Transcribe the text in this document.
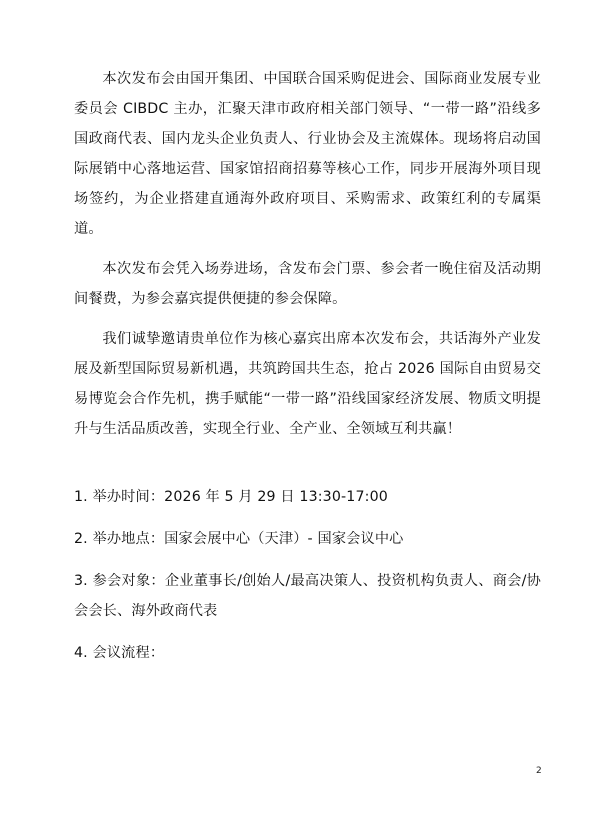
本次发布会由国开集团、中国联合国采购促进会、国际商业发展专业委员会 CIBDC 主办，汇聚天津市政府相关部门领导、“一带一路”沿线多国政商代表、国内龙头企业负责人、行业协会及主流媒体。现场将启动国际展销中心落地运营、国家馆招商招募等核心工作，同步开展海外项目现场签约，为企业搭建直通海外政府项目、采购需求、政策红利的专属渠道。

本次发布会凭入场券进场，含发布会门票、参会者一晚住宿及活动期间餐费，为参会嘉宾提供便捷的参会保障。

我们诚挚邀请贵单位作为核心嘉宾出席本次发布会，共话海外产业发展及新型国际贸易新机遇，共筑跨国共生态，抢占 2026 国际自由贸易交易博览会合作先机，携手赋能“一带一路”沿线国家经济发展、物质文明提升与生活品质改善，实现全行业、全产业、全领域互利共赢！

1. 举办时间：2026 年 5 月 29 日 13:30-17:00
2. 举办地点：国家会展中心（天津）- 国家会议中心
3. 参会对象：企业董事长/创始人/最高决策人、投资机构负责人、商会/协会会长、海外政商代表
4. 会议流程：
2
